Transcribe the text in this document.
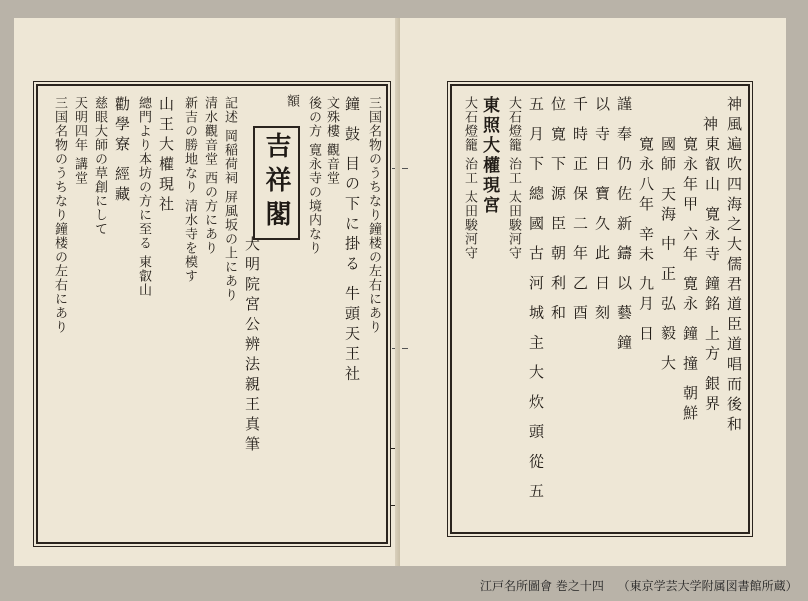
三国名物のうちなり鐘楼の左右にあり
鐘 鼓 目の下に掛る 牛頭天王社
文殊樓 觀音堂
後の方 寛永寺の境内なり
額
吉祥閣
大明院宮公辨法親王真筆
記述 岡稲荷祠 屏風坂の上にあり
清水觀音堂 西の方にあり
新吉の勝地なり 清水寺を模す
山王大權現社
總門より本坊の方に至る 東叡山
勸學寮 經藏
慈眼大師の草創にして
天明四年 講堂
三国名物のうちなり鐘楼の左右にあり	神 神風遍吹四海之大儒君道臣道唱而後和
東叡山 寛永寺 鐘銘 上方 銀界
寛永年甲 六年 寛永 鐘 撞 朝鮮
國師 天海 中 正 弘 毅 大
寛永八年 辛未 九月 日
謹 奉 仍 佐 新 鑄 以 藝 鐘
以 寺 日 寶 久 此 日 刻
千 時 正 保 二 年 乙 酉
位 寛 下 源 臣 朝 利 和
五 月 下 總 國 古 河 城 主 大 炊 頭 從 五
大石燈籠 治工 太田駿河守
東照大權現宮
大石燈籠 治工 太田駿河守
江戸名所圖會 巻之十四 （東京学芸大学附属図書館所蔵）
